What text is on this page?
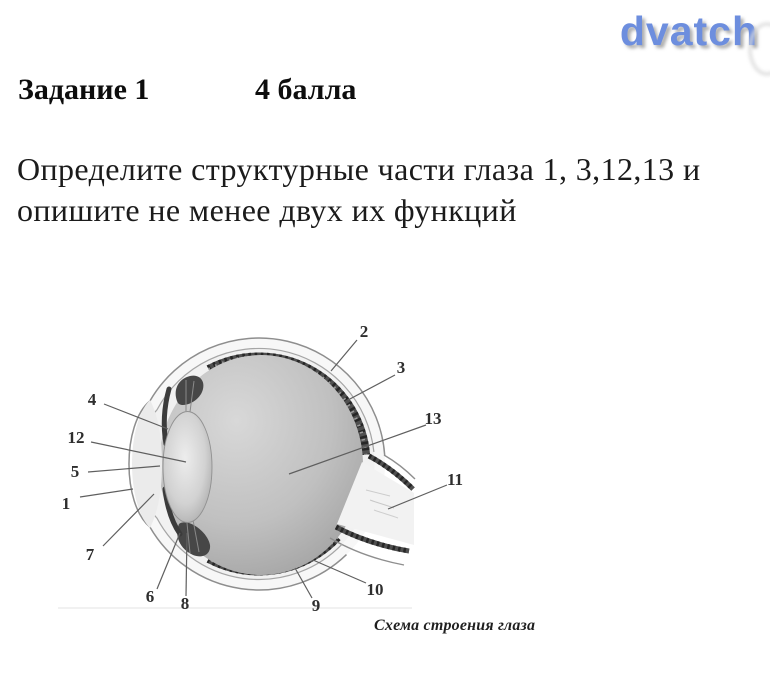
dvatch
Задание 1	4 балла
Определите структурные части глаза 1, 3,12,13 и
опишите не менее двух их функций
1
2
3
4
5
6
7
8	9
10
11
12
13
Схема строения глаза
